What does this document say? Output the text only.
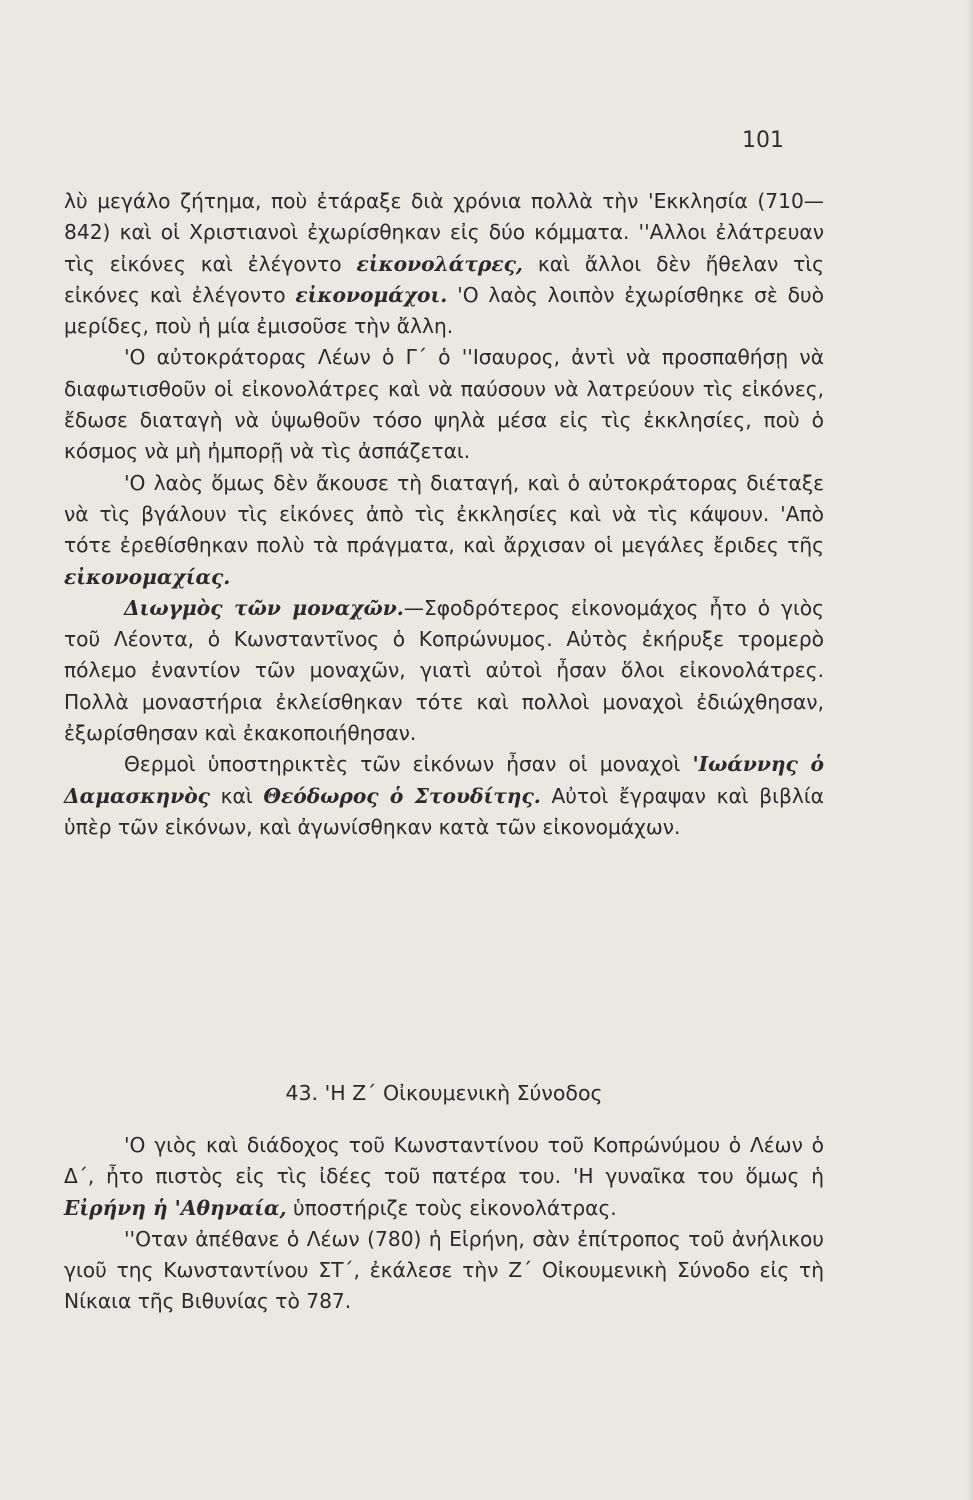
101

λὺ μεγάλο ζήτημα, ποὺ ἐτάραξε διὰ χρόνια πολλὰ τὴν 'Εκκλησία (710—842) καὶ οἱ Χριστιανοὶ ἐχωρίσθηκαν εἰς δύο κόμματα. ''Αλλοι ἐλάτρευαν τὶς εἰκόνες καὶ ἐλέγοντο εἰκονολάτρες, καὶ ἄλλοι δὲν ἤθελαν τὶς εἰκόνες καὶ ἐλέγοντο εἰκονομάχοι. 'Ο λαὸς λοιπὸν ἐχωρίσθηκε σὲ δυὸ μερίδες, ποὺ ἡ μία ἐμισοῦσε τὴν ἄλλη.

'Ο αὐτοκράτορας Λέων ὁ Γ΄ ὁ ''Ισαυρος, ἀντὶ νὰ προσπαθήσῃ νὰ διαφωτισθοῦν οἱ εἰκονολάτρες καὶ νὰ παύσουν νὰ λατρεύουν τὶς εἰκόνες, ἔδωσε διαταγὴ νὰ ὑψωθοῦν τόσο ψηλὰ μέσα εἰς τὶς ἐκκλησίες, ποὺ ὁ κόσμος νὰ μὴ ἠμπορῇ νὰ τὶς ἀσπάζεται.

'Ο λαὸς ὅμως δὲν ἄκουσε τὴ διαταγή, καὶ ὁ αὐτοκράτορας διέταξε νὰ τὶς βγάλουν τὶς εἰκόνες ἀπὸ τὶς ἐκκλησίες καὶ νὰ τὶς κάψουν. 'Απὸ τότε ἐρεθίσθηκαν πολὺ τὰ πράγματα, καὶ ἄρχισαν οἱ μεγάλες ἔριδες τῆς εἰκονομαχίας.

Διωγμὸς τῶν μοναχῶν.—Σφοδρότερος εἰκονομάχος ἦτο ὁ γιὸς τοῦ Λέοντα, ὁ Κωνσταντῖνος ὁ Κοπρώνυμος. Αὐτὸς ἐκήρυξε τρομερὸ πόλεμο ἐναντίον τῶν μοναχῶν, γιατὶ αὐτοὶ ἦσαν ὅλοι εἰκονολάτρες. Πολλὰ μοναστήρια ἐκλείσθηκαν τότε καὶ πολλοὶ μοναχοὶ ἐδιώχθησαν, ἐξωρίσθησαν καὶ ἐκακοποιήθησαν.

Θερμοὶ ὑποστηρικτὲς τῶν εἰκόνων ἦσαν οἱ μοναχοὶ 'Ιωάννης ὁ Δαμασκηνὸς καὶ Θεόδωρος ὁ Στουδίτης. Αὐτοὶ ἔγραψαν καὶ βιβλία ὑπὲρ τῶν εἰκόνων, καὶ ἀγωνίσθηκαν κατὰ τῶν εἰκονομάχων.

43. 'Η Ζ΄ Οἰκουμενικὴ Σύνοδος

'Ο γιὸς καὶ διάδοχος τοῦ Κωνσταντίνου τοῦ Κοπρώνύμου ὁ Λέων ὁ Δ΄, ἦτο πιστὸς εἰς τὶς ἰδέες τοῦ πατέρα του. 'Η γυναῖκα του ὅμως ἡ Εἰρήνη ἡ 'Αθηναία, ὑποστήριζε τοὺς εἰκονολάτρας.

''Οταν ἀπέθανε ὁ Λέων (780) ἡ Εἰρήνη, σὰν ἐπίτροπος τοῦ ἀνήλικου γιοῦ της Κωνσταντίνου ΣΤ΄, ἐκάλεσε τὴν Ζ΄ Οἰκουμενικὴ Σύνοδο εἰς τὴ Νίκαια τῆς Βιθυνίας τὸ 787.
